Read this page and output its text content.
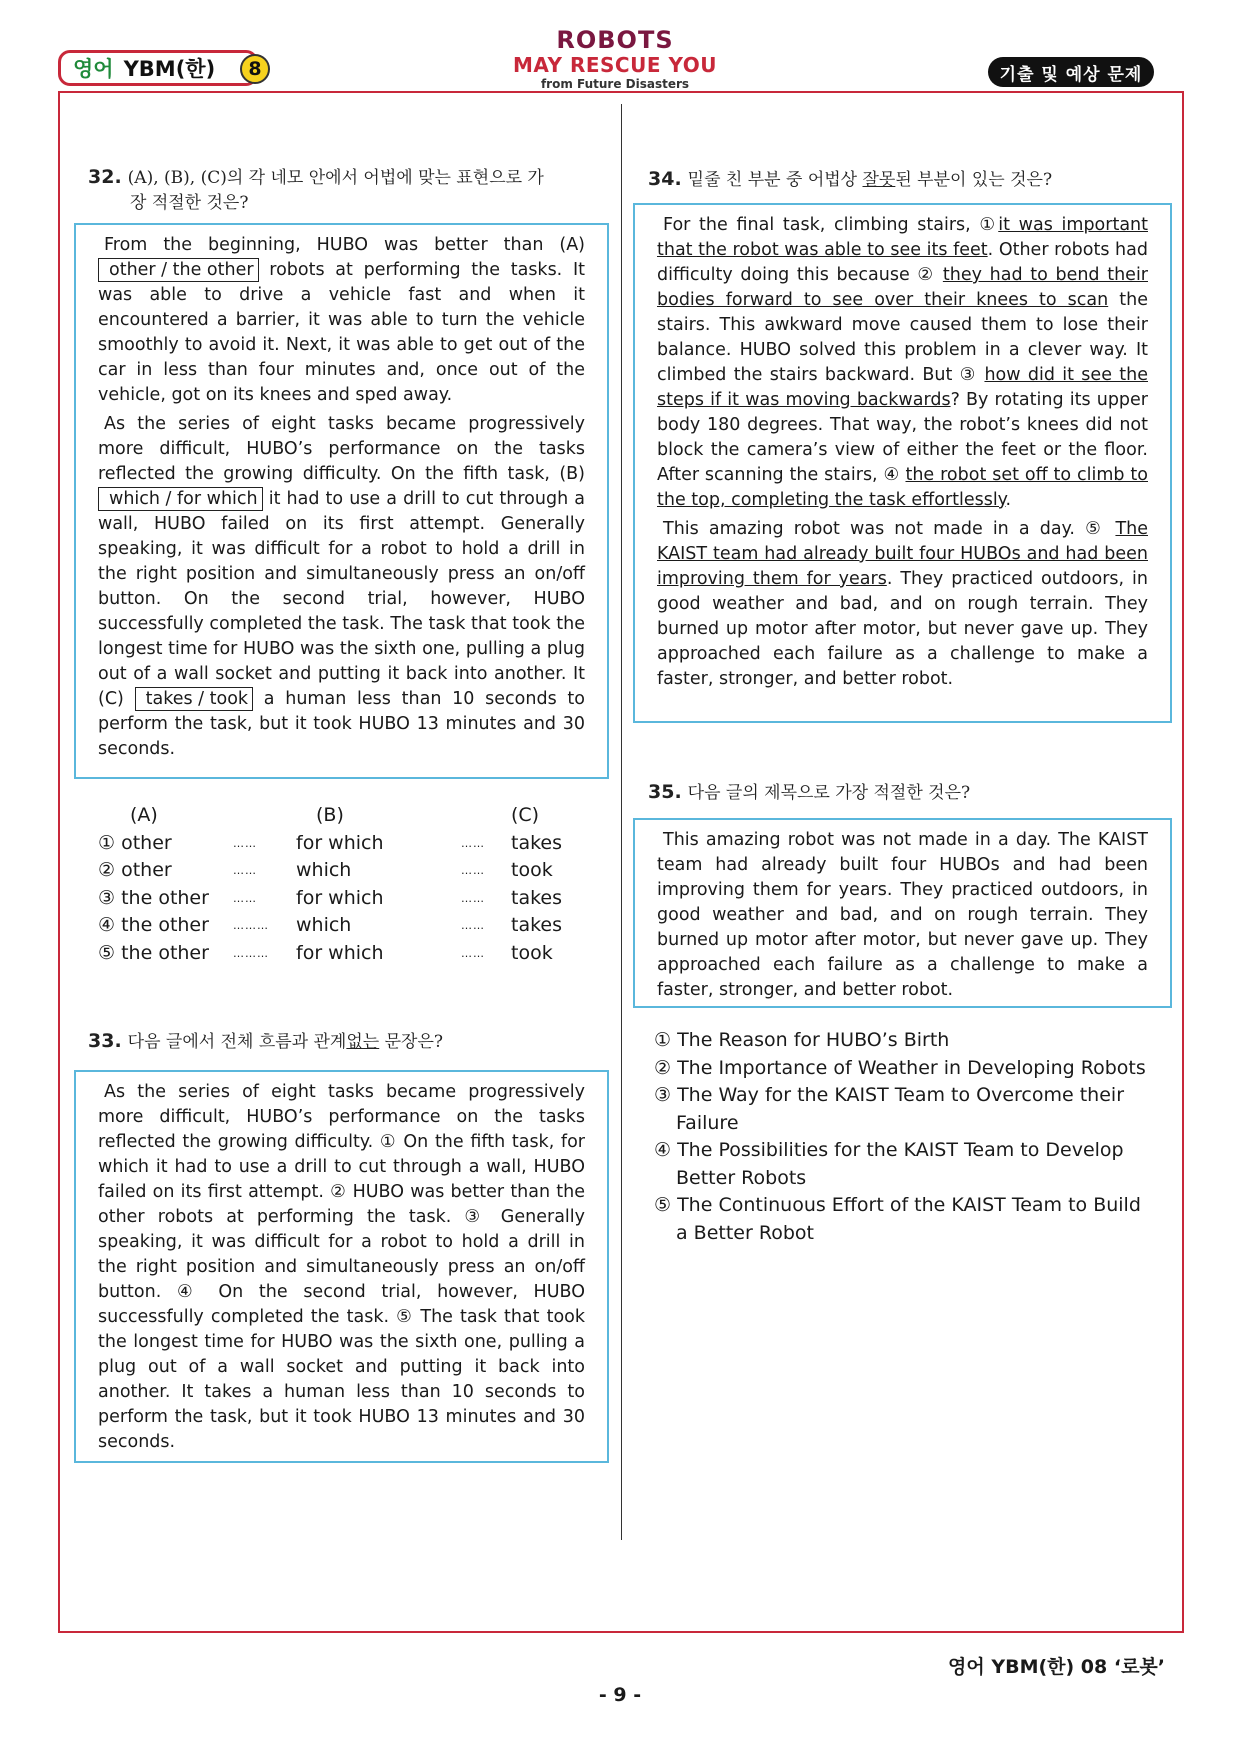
영어 YBM(한)	8
ROBOTS
MAY RESCUE YOU
from Future Disasters	기출 및 예상 문제
32. (A), (B), (C)의 각 네모 안에서 어법에 맞는 표현으로 가
장 적절한 것은?

From the beginning, HUBO was better than (A) other / the other robots at performing the tasks. It was able to drive a vehicle fast and when it encountered a barrier, it was able to turn the vehicle smoothly to avoid it. Next, it was able to get out of the car in less than four minutes and, once out of the vehicle, got on its knees and sped away.

As the series of eight tasks became progressively more difficult, HUBO’s performance on the tasks reflected the growing difficulty. On the fifth task, (B) which / for which it had to use a drill to cut through a wall, HUBO failed on its first attempt. Generally speaking, it was difficult for a robot to hold a drill in the right position and simultaneously press an on/off button. On the second trial, however, HUBO successfully completed the task. The task that took the longest time for HUBO was the sixth one, pulling a plug out of a wall socket and putting it back into another. It (C) takes / took a human less than 10 seconds to perform the task, but it took HUBO 13 minutes and 30 seconds.

(A)	(B)	(C)
① other	……	for which	……	takes
② other	……	which	……	took
③ the other	……	for which	……	takes
④ the other	………	which	……	takes
⑤ the other	………	for which	……	took
33. 다음 글에서 전체 흐름과 관계없는 문장은?

As the series of eight tasks became progressively more difficult, HUBO’s performance on the tasks reflected the growing difficulty. ① On the fifth task, for which it had to use a drill to cut through a wall, HUBO failed on its first attempt. ② HUBO was better than the other robots at performing the task. ③ Generally speaking, it was difficult for a robot to hold a drill in the right position and simultaneously press an on/off button. ④ On the second trial, however, HUBO successfully completed the task. ⑤ The task that took the longest time for HUBO was the sixth one, pulling a plug out of a wall socket and putting it back into another. It takes a human less than 10 seconds to perform the task, but it took HUBO 13 minutes and 30 seconds.

34. 밑줄 친 부분 중 어법상 잘못된 부분이 있는 것은?

For the final task, climbing stairs, ①it was important that the robot was able to see its feet. Other robots had difficulty doing this because ② they had to bend their bodies forward to see over their knees to scan the stairs. This awkward move caused them to lose their balance. HUBO solved this problem in a clever way. It climbed the stairs backward. But ③ how did it see the steps if it was moving backwards? By rotating its upper body 180 degrees. That way, the robot’s knees did not block the camera’s view of either the feet or the floor. After scanning the stairs, ④ the robot set off to climb to the top, completing the task effortlessly.

This amazing robot was not made in a day. ⑤ The KAIST team had already built four HUBOs and had been improving them for years. They practiced outdoors, in good weather and bad, and on rough terrain. They burned up motor after motor, but never gave up. They approached each failure as a challenge to make a faster, stronger, and better robot.

35. 다음 글의 제목으로 가장 적절한 것은?

This amazing robot was not made in a day. The KAIST team had already built four HUBOs and had been improving them for years. They practiced outdoors, in good weather and bad, and on rough terrain. They burned up motor after motor, but never gave up. They approached each failure as a challenge to make a faster, stronger, and better robot.

① The Reason for HUBO’s Birth
② The Importance of Weather in Developing Robots
③ The Way for the KAIST Team to Overcome their Failure
④ The Possibilities for the KAIST Team to Develop Better Robots
⑤ The Continuous Effort of the KAIST Team to Build a Better Robot
영어 YBM(한) 08 ‘로봇’
- 9 -
